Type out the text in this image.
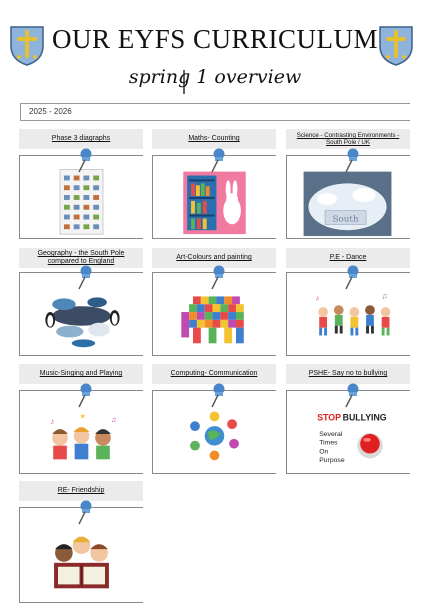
OUR EYFS CURRICULUM
spring 1 overview
2025 - 2026
Phase 3 diagraphs	Maths- Counting	Science - Contrasting Environments - South Pole / UK
South
Geography - the South Pole compared to England
Art-Colours and painting	P.E - Dance
♪	♫
Music-Singing and Playing
♪	♫
★
Computing- Communication	PSHE- Say no to bullying
STOP BULLYING
Several
Times
On
Purpose
RE- Friendship
